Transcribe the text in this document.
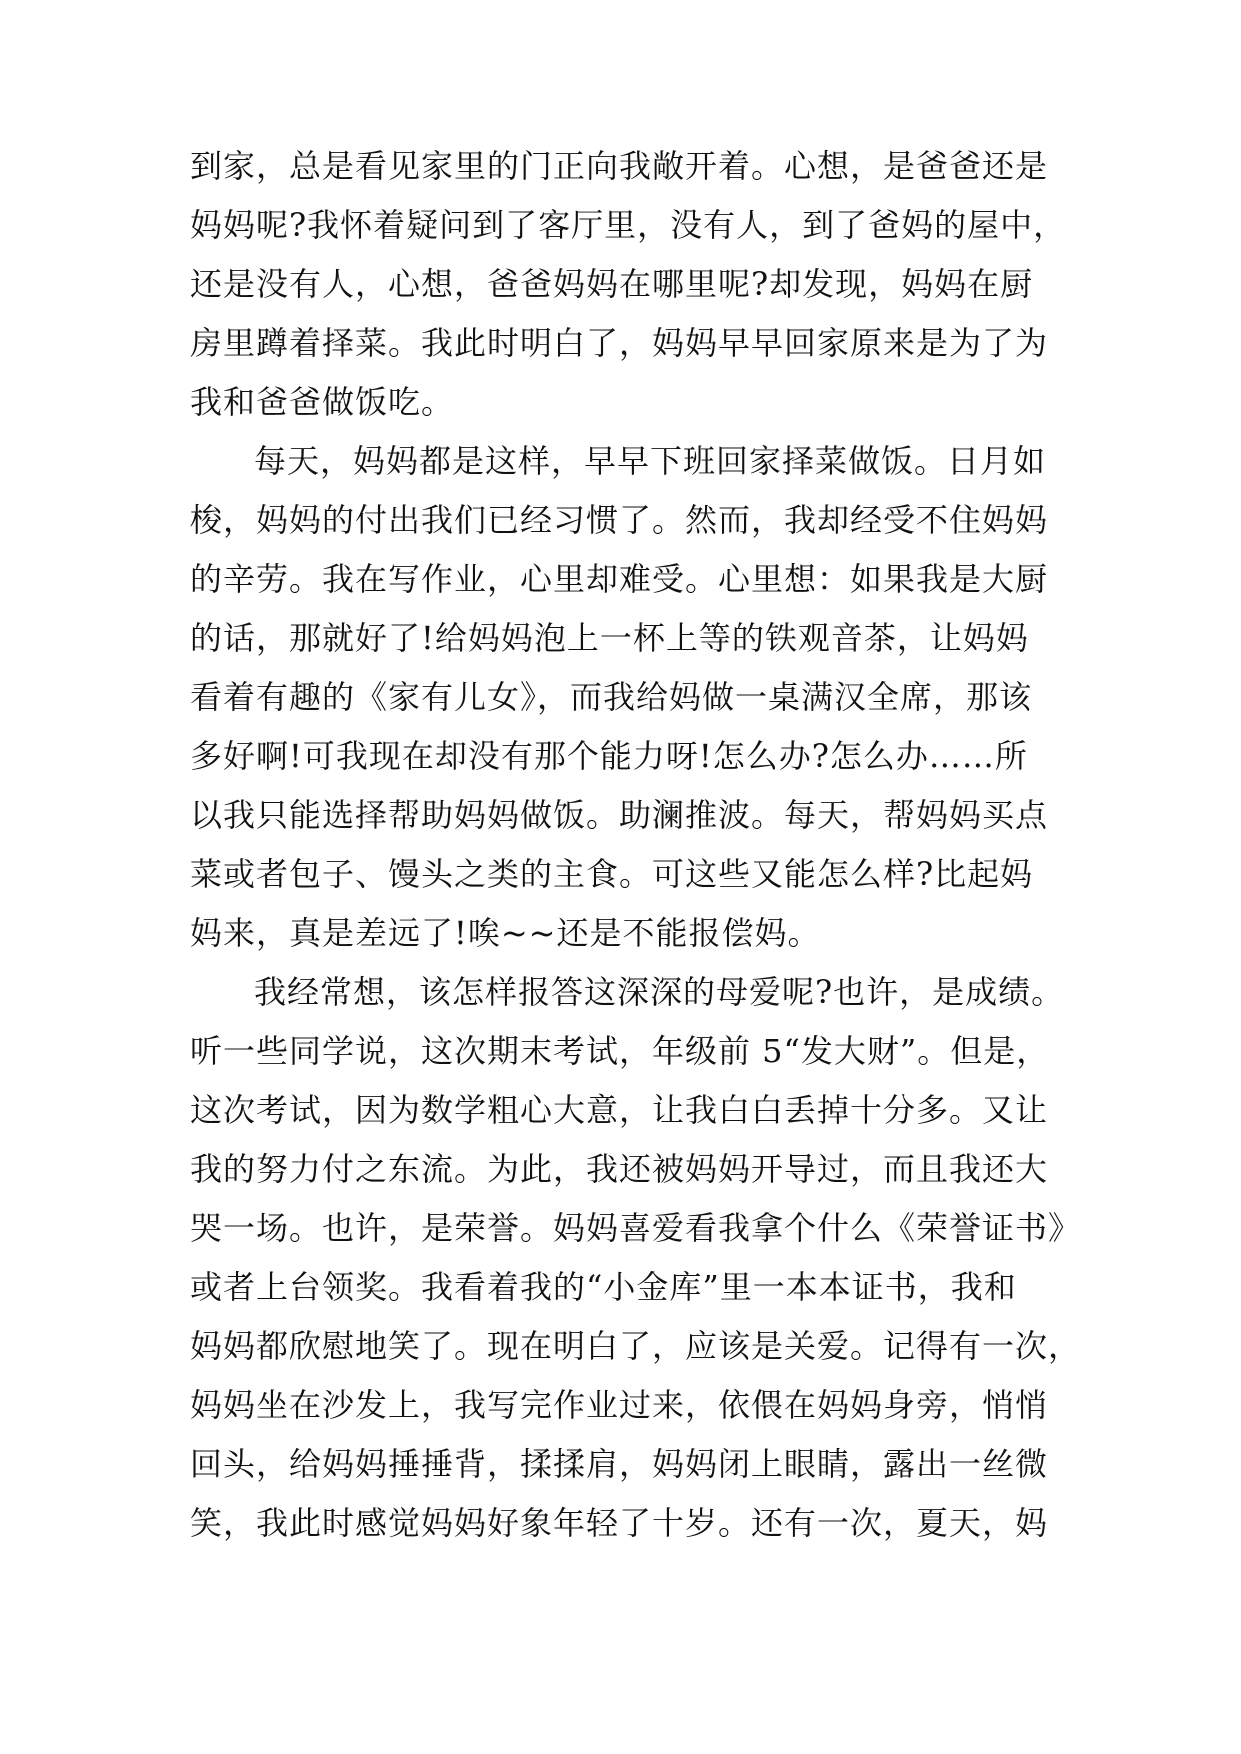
到家，总是看见家里的门正向我敞开着。心想，是爸爸还是
妈妈呢?我怀着疑问到了客厅里，没有人，到了爸妈的屋中，
还是没有人，心想，爸爸妈妈在哪里呢?却发现，妈妈在厨
房里蹲着择菜。我此时明白了，妈妈早早回家原来是为了为
我和爸爸做饭吃。
每天，妈妈都是这样，早早下班回家择菜做饭。日月如
梭，妈妈的付出我们已经习惯了。然而，我却经受不住妈妈
的辛劳。我在写作业，心里却难受。心里想：如果我是大厨
的话，那就好了!给妈妈泡上一杯上等的铁观音茶，让妈妈
看着有趣的《家有儿女》，而我给妈做一桌满汉全席，那该
多好啊!可我现在却没有那个能力呀!怎么办?怎么办……所
以我只能选择帮助妈妈做饭。助澜推波。每天，帮妈妈买点
菜或者包子、馒头之类的主食。可这些又能怎么样?比起妈
妈来，真是差远了!唉~~还是不能报偿妈。
我经常想，该怎样报答这深深的母爱呢?也许，是成绩。
听一些同学说，这次期末考试，年级前 5“发大财”。但是，
这次考试，因为数学粗心大意，让我白白丢掉十分多。又让
我的努力付之东流。为此，我还被妈妈开导过，而且我还大
哭一场。也许，是荣誉。妈妈喜爱看我拿个什么《荣誉证书》
或者上台领奖。我看着我的“小金库”里一本本证书，我和
妈妈都欣慰地笑了。现在明白了，应该是关爱。记得有一次，
妈妈坐在沙发上，我写完作业过来，依偎在妈妈身旁，悄悄
回头，给妈妈捶捶背，揉揉肩，妈妈闭上眼睛，露出一丝微
笑，我此时感觉妈妈好象年轻了十岁。还有一次，夏天，妈
